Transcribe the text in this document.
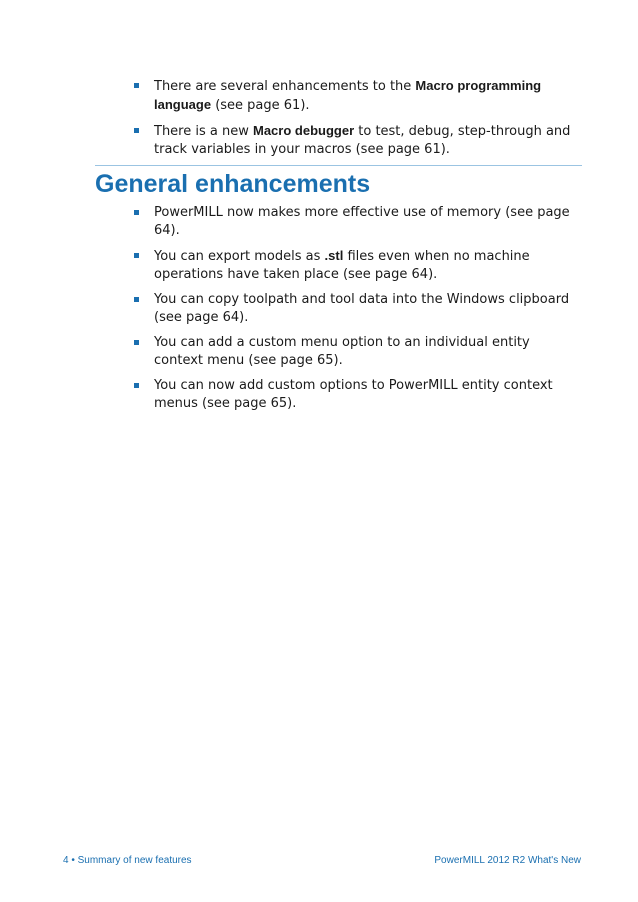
There are several enhancements to the Macro programming language (see page 61).
There is a new Macro debugger to test, debug, step-through and track variables in your macros (see page 61).
General enhancements
PowerMILL now makes more effective use of memory (see page 64).
You can export models as .stl files even when no machine operations have taken place (see page 64).
You can copy toolpath and tool data into the Windows clipboard (see page 64).
You can add a custom menu option to an individual entity context menu (see page 65).
You can now add custom options to PowerMILL entity context menus (see page 65).
4 • Summary of new features	PowerMILL 2012 R2 What's New
